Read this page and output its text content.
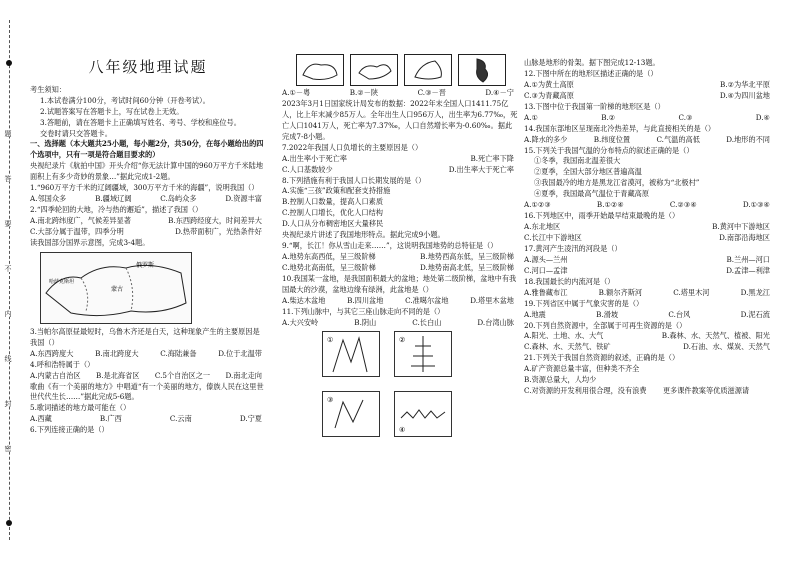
题
答
要
不
内
线
封
密
八年级地理试题

考生须知：

1.本试卷满分100分，考试时间60分钟（开卷考试）。

2.试题答案写在答题卡上，写在试卷上无效。

3.答题前，请在答题卡上正确填写姓名、考号、学校和座位号。

交卷时请只交答题卡。

一、选择题（本大题共25小题，每小题2分，共50分，在每小题给出的四个选项中，只有一项是符合题目要求的）

央视纪录片《航拍中国》开头介绍“你无法计算中国的960万平方千米陆地面积上有多少奇妙的景象…”据此完成1-2题。

1.“960万平方千米的辽阔疆域，300万平方千米的海疆”，说明我国（）

A.邻国众多	B.疆域辽阔	C.岛屿众多	D.资源丰富

2.“四季轮回的大地，冷与热的邂逅”，描述了我国（）

A.南北跨纬度广，气候差异显著	B.东西跨经度大，时间差异大
C.大部分属于温带，四季分明	D.热带面积广，光热条件好

读我国部分国界示意图，完成3-4题。

俄罗斯
蒙古
哈萨克斯坦

3.当帕尔高原昼最短时，乌鲁木齐还是白天，这种现象产生的主要原因是我国（）

A.东西跨度大	B.南北跨度大	C.海陆兼备	D.位于北温带

4.呼和浩特属于（）

A.内蒙古自治区 B.是北海省区 C.5个自治区之一 D.南北走向

歌曲《有一个美丽的地方》中唱道“有一个美丽的地方，傣族人民在这里世世代代生长……”据此完成5-6题。

5.歌词描述的地方最可能在（）

A.西藏	B.广西	C.云南	D.宁夏

6.下列连接正确的是（）

A.①－粤	B.②－陕	C.③－晋	D.④－宁

2023年3月1日国家统计局发布的数据：2022年末全国人口1411.75亿人，比上年末减少85万人。全年出生人口956万人，出生率为6.77‰，死亡人口1041万人，死亡率为7.37‰，人口自然增长率为-0.60‰。据此完成7-8小题。

7.2022年我国人口负增长的主要原因是（）

A.出生率小于死亡率	B.死亡率下降
C.人口基数较少	D.出生率大于死亡率

8.下列措施有利于我国人口长期发展的是（）

A.实施“三孩”政策和配套支持措施

B.控制人口数量，提高人口素质

C.控制人口增长，优化人口结构

D.人口从分布稠密地区大量移民

央视纪录片讲述了我国地形特点。据此完成9小题。

9.“啊，长江！你从雪山走来……”，这说明我国地势的总特征是（）

A.地势东高西低，呈三级阶梯	B.地势西高东低，呈三级阶梯
C.地势北高南低，呈三级阶梯	D.地势南高北低，呈三级阶梯

10.我国某一盆地，是我国面积最大的盆地；地处第二级阶梯，盆地中有我国最大的沙漠，盆地边缘有绿洲，此盆地是（）

A.柴达木盆地	B.四川盆地	C.准噶尔盆地	D.塔里木盆地

11.下列山脉中，与其它三座山脉走向不同的是（）

A.大兴安岭	B.阴山	C.长白山	D.台湾山脉
①	②
③
④

山脉是地形的骨架。据下图完成12-13题。

12.下图中所在的地形区描述正确的是（）

A.①为黄土高原	B.②为华北平原
C.③为青藏高原	D.④为四川盆地

13.下图中位于我国第一阶梯的地形区是（）

A.①	B.②	C.③	D.④

14.我国东部地区呈现南北冷热差异，与此直接相关的是（）

A.降水的多少	B.纬度位置	C.气温的高低	D.地形的不同

15.下列关于我国气温的分布特点的叙述正确的是（）

①冬季，我国南北温差很大

②夏季，全国大部分地区普遍高温

③我国最冷的地方是黑龙江省漠河，被称为“北极村”

④夏季，我国最高气温位于青藏高原

A.①②③	B.①②④	C.②③④	D.①③④

16.下列地区中，雨季开始最早结束最晚的是（）

A.东北地区	B.黄河中下游地区
C.长江中下游地区	D.南部沿海地区

17.黄河产生凌汛的河段是（）

A.源头—兰州	B.兰州—河口
C.河口—孟津	D.孟津—利津

18.我国最长的内流河是（）

A.雅鲁藏布江	B.额尔齐斯河	C.塔里木河	D.黑龙江

19.下列省区中属于气象灾害的是（）

A.地震	B.滑坡	C.台风	D.泥石流

20.下列自然资源中，全部属于可再生资源的是（）

A.阳光、土地、水、大气	B.森林、水、天然气、植被、阳光
C.森林、水、天然气、铁矿	D.石油、水、煤炭、天然气

21.下列关于我国自然资源的叙述，正确的是（）

A.矿产资源总量丰富，但种类不齐全

B.资源总量大，人均少

C.对资源的开发利用很合理，没有浪费 更多课件教案等优质滋源请
